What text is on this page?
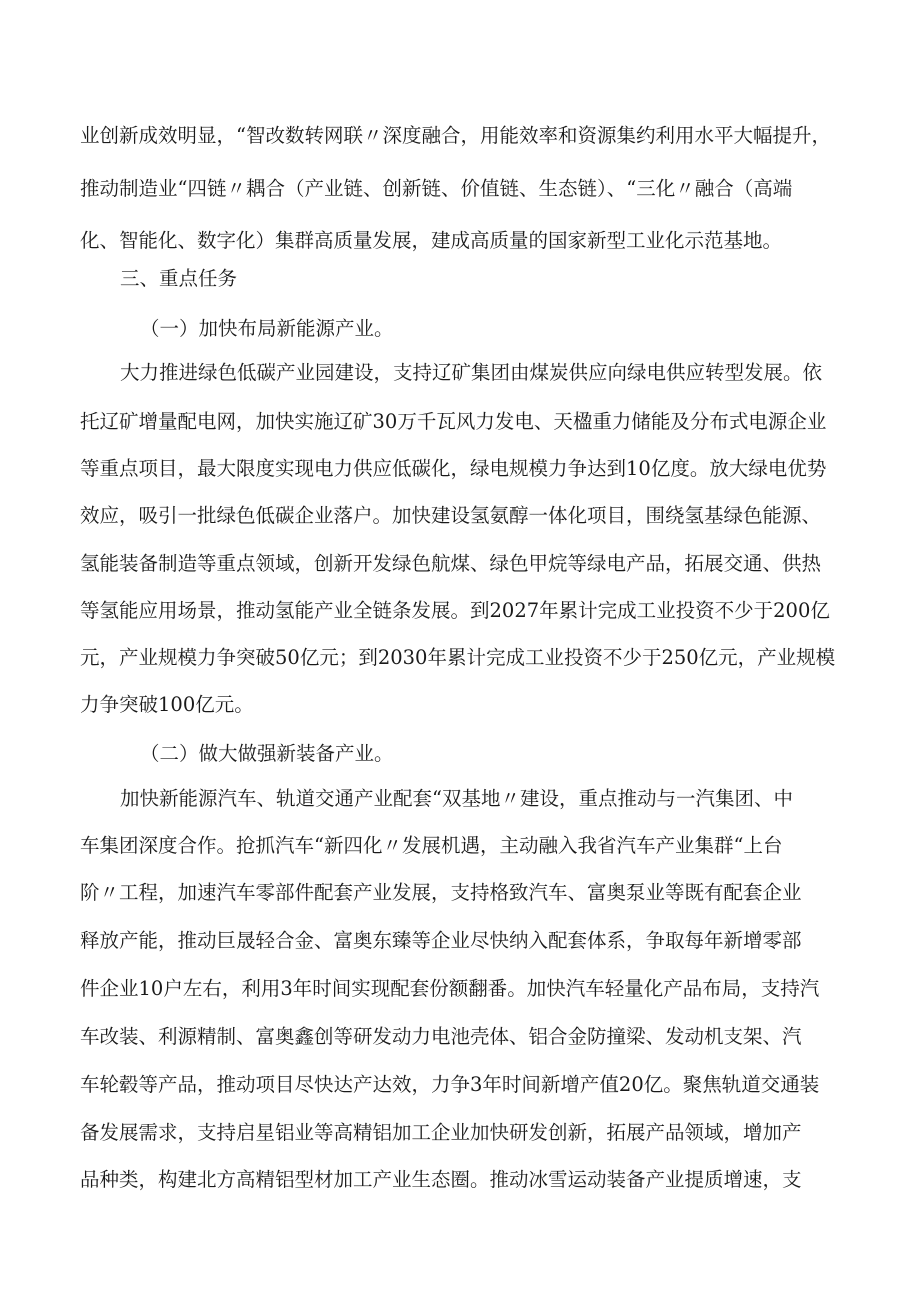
业创新成效明显，“智改数转网联〃深度融合，用能效率和资源集约利用水平大幅提升，
推动制造业“四链〃耦合（产业链、创新链、价值链、生态链）、“三化〃融合（高端
化、智能化、数字化）集群高质量发展，建成高质量的国家新型工业化示范基地。
三、重点任务
（一）加快布局新能源产业。
大力推进绿色低碳产业园建设，支持辽矿集团由煤炭供应向绿电供应转型发展。依
托辽矿增量配电网，加快实施辽矿30万千瓦风力发电、天楹重力储能及分布式电源企业
等重点项目，最大限度实现电力供应低碳化，绿电规模力争达到10亿度。放大绿电优势
效应，吸引一批绿色低碳企业落户。加快建设氢氨醇一体化项目，围绕氢基绿色能源、
氢能装备制造等重点领域，创新开发绿色航煤、绿色甲烷等绿电产品，拓展交通、供热
等氢能应用场景，推动氢能产业全链条发展。到2027年累计完成工业投资不少于200亿
元，产业规模力争突破50亿元；到2030年累计完成工业投资不少于250亿元，产业规模
力争突破100亿元。
（二）做大做强新装备产业。
加快新能源汽车、轨道交通产业配套“双基地〃建设，重点推动与一汽集团、中
车集团深度合作。抢抓汽车“新四化〃发展机遇，主动融入我省汽车产业集群“上台
阶〃工程，加速汽车零部件配套产业发展，支持格致汽车、富奥泵业等既有配套企业
释放产能，推动巨晟轻合金、富奥东臻等企业尽快纳入配套体系，争取每年新增零部
件企业10户左右，利用3年时间实现配套份额翻番。加快汽车轻量化产品布局，支持汽
车改装、利源精制、富奥鑫创等研发动力电池壳体、铝合金防撞梁、发动机支架、汽
车轮毂等产品，推动项目尽快达产达效，力争3年时间新增产值20亿。聚焦轨道交通装
备发展需求，支持启星铝业等高精铝加工企业加快研发创新，拓展产品领域，增加产
品种类，构建北方高精铝型材加工产业生态圈。推动冰雪运动装备产业提质增速，支
